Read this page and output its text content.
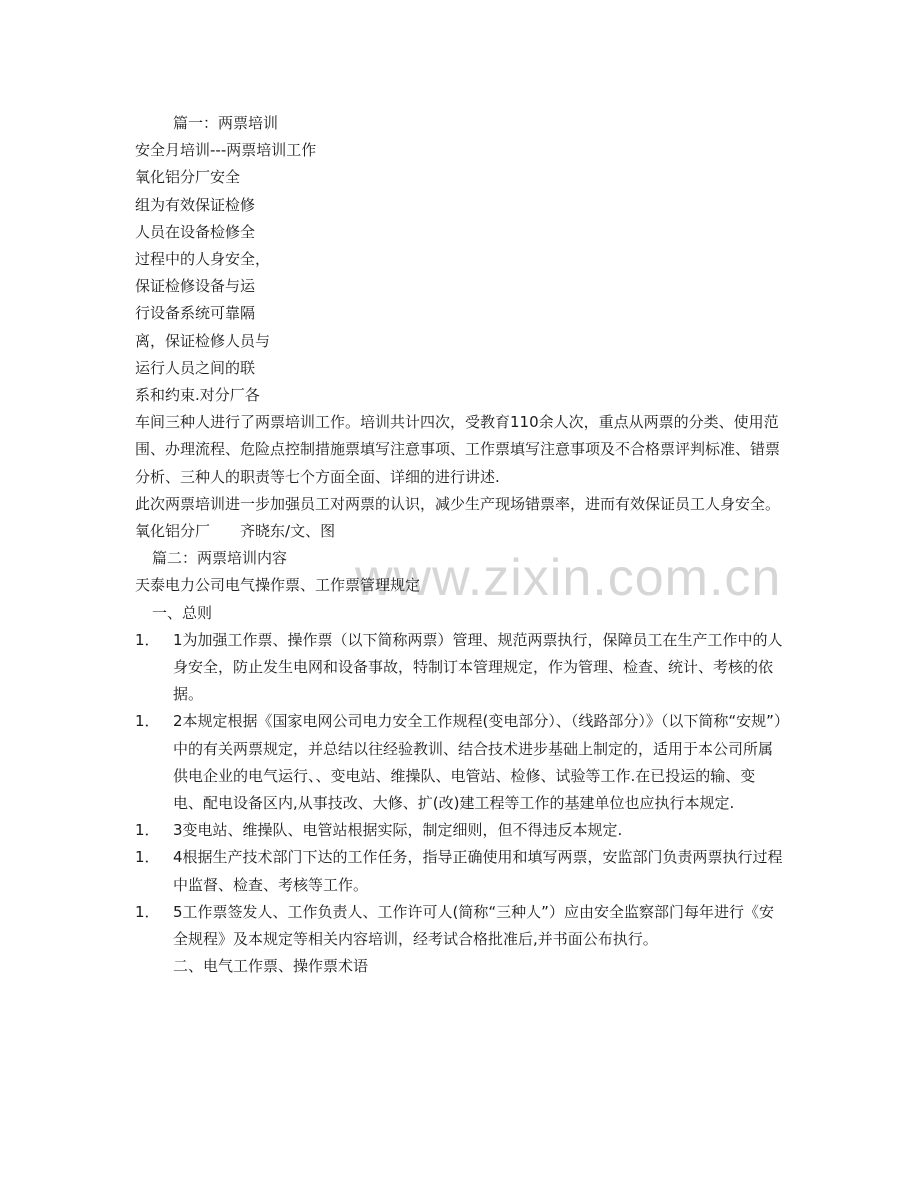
www.zixin.com.cn
篇一：两票培训
安全月培训---两票培训工作
氧化铝分厂安全
组为有效保证检修
人员在设备检修全
过程中的人身安全，
保证检修设备与运
行设备系统可靠隔
离，保证检修人员与
运行人员之间的联
系和约束.对分厂各
车间三种人进行了两票培训工作。培训共计四次，受教育110余人次，重点从两票的分类、使用范围、办理流程、危险点控制措施票填写注意事项、工作票填写注意事项及不合格票评判标准、错票分析、三种人的职责等七个方面全面、详细的进行讲述.
此次两票培训进一步加强员工对两票的认识，减少生产现场错票率，进而有效保证员工人身安全。
氧化铝分厂 齐晓东/文、图
篇二：两票培训内容
天泰电力公司电气操作票、工作票管理规定
一、总则
1． 1为加强工作票、操作票（以下简称两票）管理、规范两票执行，保障员工在生产工作中的人身安全，防止发生电网和设备事故，特制订本管理规定，作为管理、检查、统计、考核的依据。
1． 2本规定根据《国家电网公司电力安全工作规程(变电部分）、（线路部分）》（以下简称“安规”）中的有关两票规定，并总结以往经验教训、结合技术进步基础上制定的，适用于本公司所属供电企业的电气运行、、变电站、维操队、电管站、检修、试验等工作.在已投运的输、变电、配电设备区内,从事技改、大修、扩(改)建工程等工作的基建单位也应执行本规定.
1． 3变电站、维操队、电管站根据实际，制定细则，但不得违反本规定.
1． 4根据生产技术部门下达的工作任务，指导正确使用和填写两票，安监部门负责两票执行过程中监督、检查、考核等工作。
1． 5工作票签发人、工作负责人、工作许可人(简称“三种人”）应由安全监察部门每年进行《安全规程》及本规定等相关内容培训，经考试合格批准后,并书面公布执行。
二、电气工作票、操作票术语
